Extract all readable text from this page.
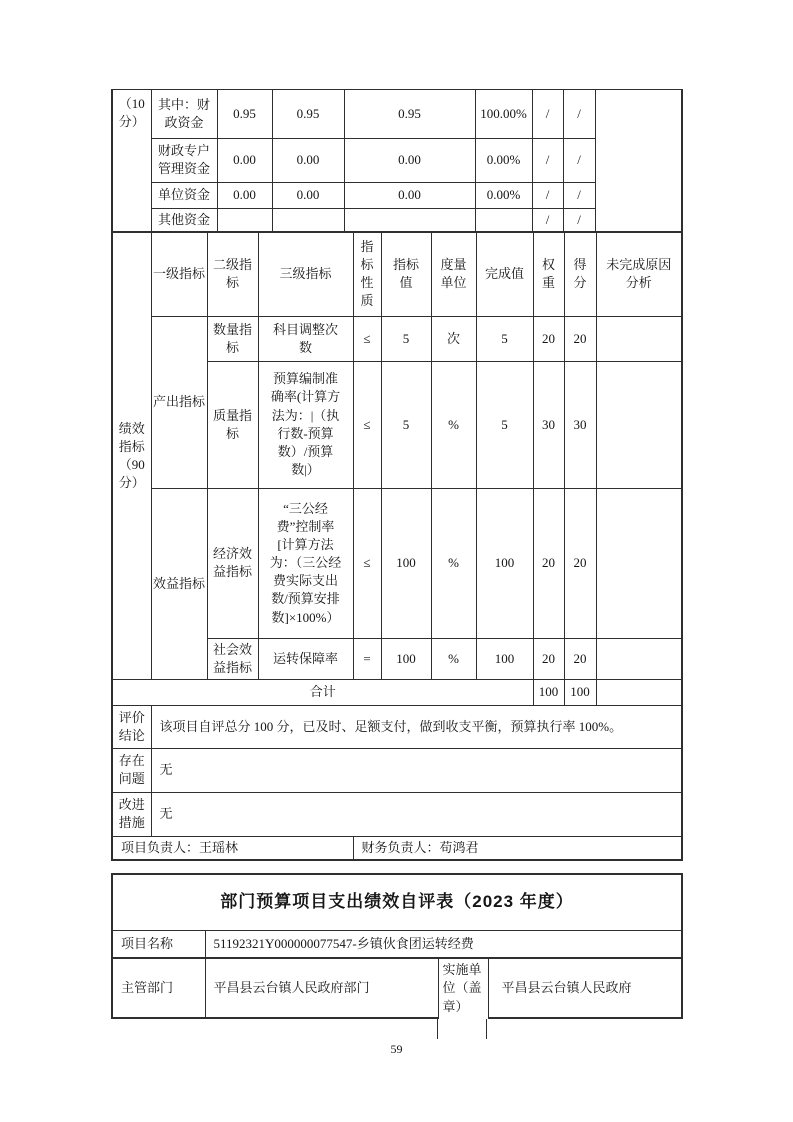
（10 分）	其中：财政资金	0.95	0.95	0.95	100.00%	/	/	
	财政专户管理资金	0.00	0.00	0.00	0.00%	/	/	
	单位资金	0.00	0.00	0.00	0.00%	/	/	
	其他资金					/	/	
绩效指标（90 分）	一级指标	二级指标	三级指标	指标性质	指标值	度量单位	完成值	权重	得分	未完成原因分析
	产出指标	数量指标	科目调整次数	≤	5	次	5	20	20	
		质量指标	预算编制准确率(计算方法为：|（执行数-预算数）/预算数|）	≤	5	%	5	30	30	
	效益指标	经济效益指标	“三公经费”控制率[计算方法为：（三公经费实际支出数/预算安排数]×100%）	≤	100	%	100	20	20	
		社会效益指标	运转保障率	=	100	%	100	20	20	
合计								100	100	
评价结论	该项目自评总分 100 分，已及时、足额支付，做到收支平衡，预算执行率 100%。
存在问题	无
改进措施	无
项目负责人：王瑶林	财务负责人：苟鸿君
部门预算项目支出绩效自评表（2023 年度）			
项目名称	51192321Y000000077547-乡镇伙食团运转经费		
主管部门	平昌县云台镇人民政府部门	实施单位（盖章）	平昌县云台镇人民政府
59
